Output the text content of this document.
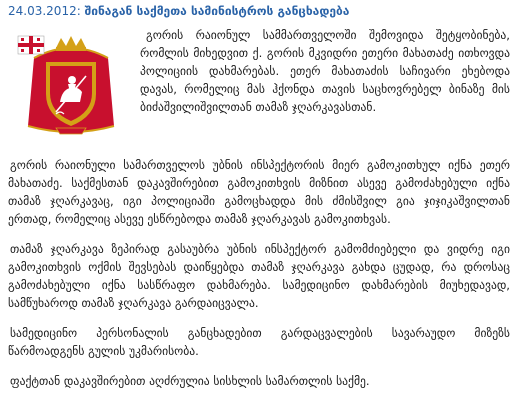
24.03.2012: შინაგან საქმეთა სამინისტროს განცხადება

გორის რაიონულ სამმართველოში შემოვიდა შეტყობინება, რომლის მიხედვით ქ. გორის მკვიდრი ეთერი მახათაძე ითხოვდა პოლიციის დახმარებას. ეთერ მახათაძის საჩივარი ეხებოდა დავას, რომელიც მას ჰქონდა თავის საცხოვრებელ ბინაზე მის ბიძაშვილიშვილთან თამაზ ჯღარკავასთან.

გორის რაიონული სამართველოს უბნის ინსპექტორის მიერ გამოკითხულ იქნა ეთერ მახათაძე. საქმესთან დაკავშირებით გამოკითხვის მიზნით ასევე გამოძახებული იქნა თამაზ ჯღარკავაც, იგი პოლიციაში გამოცხადდა მის ძმისშვილ გია ჯიჯიკაშვილთან ერთად, რომელიც ასევე ესწრებოდა თამაზ ჯღარკავას გამოკითხვას.

თამაზ ჯღარკავა ზეპირად გასაუბრა უბნის ინსპექტორ გამომძიებელი და ვიდრე იგი გამოკითხვის ოქმის შევსებას დაიწყებდა თამაზ ჯღარკავა გახდა ცუდად, რა დროსაც გამოძახებული იქნა სასწრაფო დახმარება. სამედიცინო დახმარების მიუხედავად, სამწუხაროდ თამაზ ჯღარკავა გარდაიცვალა.

სამედიცინო პერსონალის განცხადებით გარდაცვალების სავარაუდო მიზეზს წარმოადგენს გულის უკმარისობა.

ფაქტთან დაკავშირებით აღძრულია სისხლის სამართლის საქმე.
